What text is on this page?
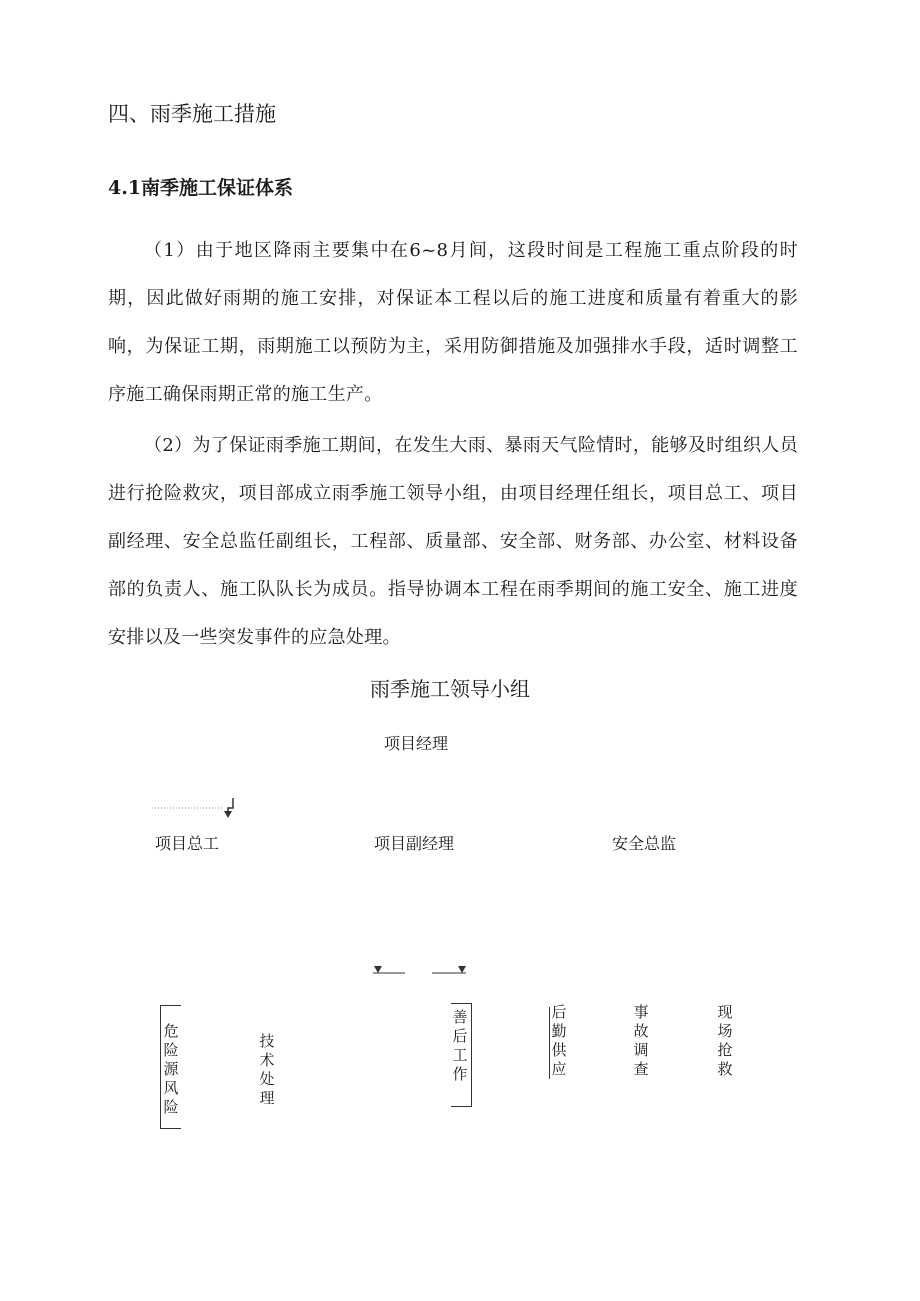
四、雨季施工措施
4.1南季施工保证体系
（1）由于地区降雨主要集中在6~8月间，这段时间是工程施工重点阶段的时期，因此做好雨期的施工安排，对保证本工程以后的施工进度和质量有着重大的影响，为保证工期，雨期施工以预防为主，采用防御措施及加强排水手段，适时调整工序施工确保雨期正常的施工生产。
（2）为了保证雨季施工期间，在发生大雨、暴雨天气险情时，能够及时组织人员进行抢险救灾，项目部成立雨季施工领导小组，由项目经理任组长，项目总工、项目副经理、安全总监任副组长，工程部、质量部、安全部、财务部、办公室、材料设备部的负责人、施工队队长为成员。指导协调本工程在雨季期间的施工安全、施工进度安排以及一些突发事件的应急处理。
雨季施工领导小组
项目经理
项目总工	项目副经理	安全总监
危险源风险
技术处理
善后工作
后勤供应
事故调查
现场抢救
